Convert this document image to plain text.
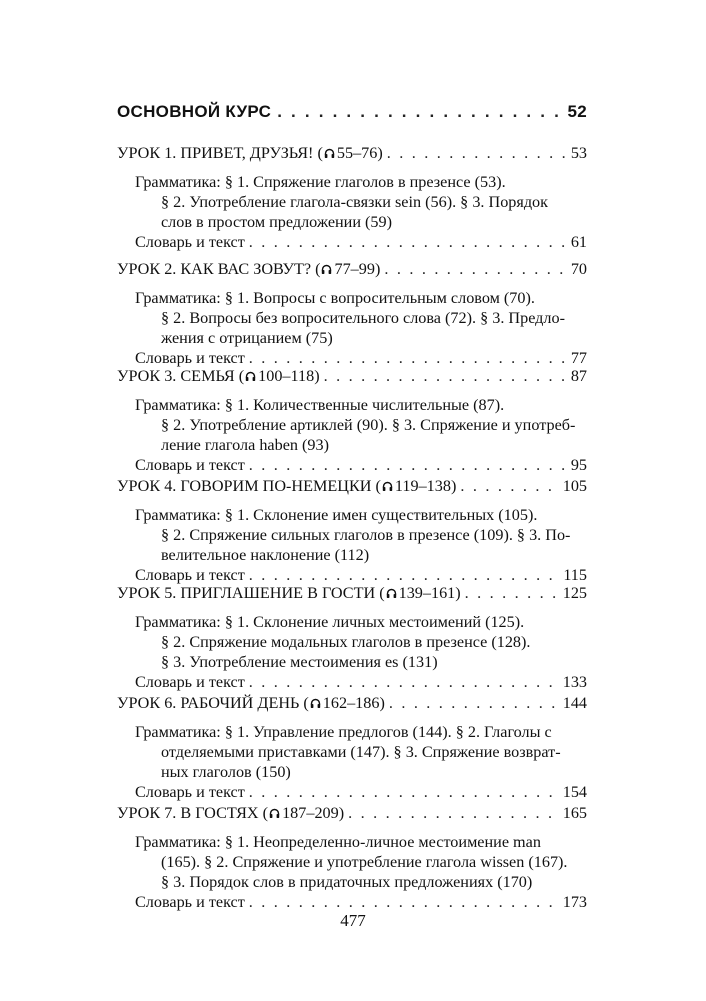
ОСНОВНОЙ КУРС . . .	52
УРОК 1. ПРИВЕТ, ДРУЗЬЯ! ( 55–76) . . .	53
Грамматика: § 1. Спряжение глаголов в презенсе (53).
§ 2. Употребление глагола-связки sein (56). § 3. Порядок
слов в простом предложении (59)
Словарь и текст . . .	61
УРОК 2. КАК ВАС ЗОВУТ? ( 77–99) . . .	70
Грамматика: § 1. Вопросы с вопросительным словом (70).
§ 2. Вопросы без вопросительного слова (72). § 3. Предло-
жения с отрицанием (75)
Словарь и текст . . .	77
УРОК 3. СЕМЬЯ ( 100–118) . . .	87
Грамматика: § 1. Количественные числительные (87).
§ 2. Употребление артиклей (90). § 3. Спряжение и употреб-
ление глагола haben (93)
Словарь и текст . . .	95
УРОК 4. ГОВОРИМ ПО-НЕМЕЦКИ ( 119–138) . . .	105
Грамматика: § 1. Склонение имен существительных (105).
§ 2. Спряжение сильных глаголов в презенсе (109). § 3. По-
велительное наклонение (112)
Словарь и текст . . .	115
УРОК 5. ПРИГЛАШЕНИЕ В ГОСТИ ( 139–161) . . .	125
Грамматика: § 1. Склонение личных местоимений (125).
§ 2. Спряжение модальных глаголов в презенсе (128).
§ 3. Употребление местоимения es (131)
Словарь и текст . . .	133
УРОК 6. РАБОЧИЙ ДЕНЬ ( 162–186) . . .	144
Грамматика: § 1. Управление предлогов (144). § 2. Глаголы с
отделяемыми приставками (147). § 3. Спряжение возврат-
ных глаголов (150)
Словарь и текст . . .	154
УРОК 7. В ГОСТЯХ ( 187–209) . . .	165
Грамматика: § 1. Неопределенно-личное местоимение man
(165). § 2. Спряжение и употребление глагола wissen (167).
§ 3. Порядок слов в придаточных предложениях (170)
Словарь и текст . . .	173
477
